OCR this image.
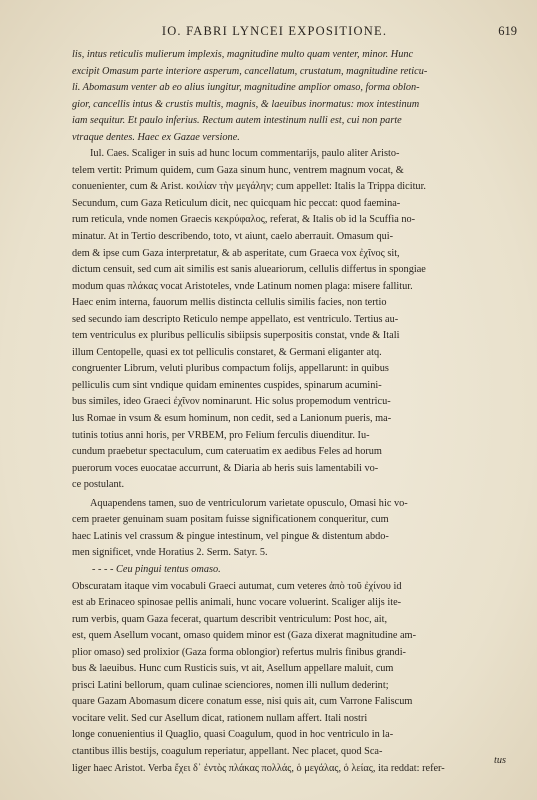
IO. FABRI LYNCEI EXPOSITIONE.	619
lis, intus reticulis mulierum implexis, magnitudine multo quam venter, minor. Hunc
excipit Omasum parte interiore asperum, cancellatum, crustatum, magnitudine reticu-
li. Abomasum venter ab eo alius iungitur, magnitudine amplior omaso, forma oblon-
gior, cancellis intus & crustis multis, magnis, & laeuibus inormatus: mox intestinum
iam sequitur. Et paulo inferius. Rectum autem intestinum nulli est, cui non parte
vtraque dentes. Haec ex Gazae versione.
Iul. Caes. Scaliger in suis ad hunc locum commentarijs, paulo aliter Aristo-
telem vertit: Primum quidem, cum Gaza sinum hunc, ventrem magnum vocat, &
conuenienter, cum & Arist. κοιλίαν τὴν μεγάλην; cum appellet: Italis la Trippa dicitur.
Secundum, cum Gaza Reticulum dicit, nec quicquam hic peccat: quod faemina-
rum reticula, vnde nomen Graecis κεκρύφαλος, referat, & Italis ob id la Scuffia no-
minatur. At in Tertio describendo, toto, vt aiunt, caelo aberrauit. Omasum qui-
dem & ipse cum Gaza interpretatur, & ab asperitate, cum Graeca vox ἐχῖνος sit,
dictum censuit, sed cum ait similis est sanis alueariorum, cellulis differtus in spongiae
modum quas πλάκας vocat Aristoteles, vnde Latinum nomen plaga: misere fallitur.
Haec enim interna, fauorum mellis distincta cellulis similis facies, non tertio
sed secundo iam descripto Reticulo nempe appellato, est ventriculo. Tertius au-
tem ventriculus ex pluribus pelliculis sibiipsis superpositis constat, vnde & Itali
illum Centopelle, quasi ex tot pelliculis constaret, & Germani eliganter atq.
congruenter Librum, veluti pluribus compactum folijs, appellarunt: in quibus
pelliculis cum sint vndique quidam eminentes cuspides, spinarum acumini-
bus similes, ideo Graeci ἐχῖνον nominarunt. Hic solus propemodum ventricu-
lus Romae in vsum & esum hominum, non cedit, sed a Lanionum pueris, ma-
tutinis totius anni horis, per VRBEM, pro Felium ferculis diuenditur. Iu-
cundum praebetur spectaculum, cum cateruatim ex aedibus Feles ad horum
puerorum voces euocatae accurrunt, & Diaria ab heris suis lamentabili vo-
ce postulant.
Aquapendens tamen, suo de ventriculorum varietate opusculo, Omasi hic vo-
cem praeter genuinam suam positam fuisse significationem conqueritur, cum
haec Latinis vel crassum & pingue intestinum, vel pingue & distentum abdo-
men significet, vnde Horatius 2. Serm. Satyr. 5.
- - - - Ceu pingui tentus omaso.
Obscuratam itaque vim vocabuli Graeci autumat, cum veteres ἀπὸ τοῦ ἐχίνου id
est ab Erinaceo spinosae pellis animali, hunc vocare voluerint. Scaliger alijs ite-
rum verbis, quam Gaza fecerat, quartum describit ventriculum: Post hoc, ait,
est, quem Asellum vocant, omaso quidem minor est (Gaza dixerat magnitudine am-
plior omaso) sed prolixior (Gaza forma oblongior) refertus mulris finibus grandi-
bus & laeuibus. Hunc cum Rusticis suis, vt ait, Asellum appellare maluit, cum
prisci Latini bellorum, quam culinae scienciores, nomen illi nullum dederint;
quare Gazam Abomasum dicere conatum esse, nisi quis ait, cum Varrone Faliscum
vocitare velit. Sed cur Asellum dicat, rationem nullam affert. Itali nostri
longe conuenientius il Quaglio, quasi Coagulum, quod in hoc ventriculo in la-
ctantibus illis bestijs, coagulum reperiatur, appellant. Nec placet, quod Sca-
liger haec Aristot. Verba ἔχει δ᾽ ἐντὸς πλάκας πολλάς, ὁ μεγάλας, ὁ λείας, ita reddat: refer-
tus
